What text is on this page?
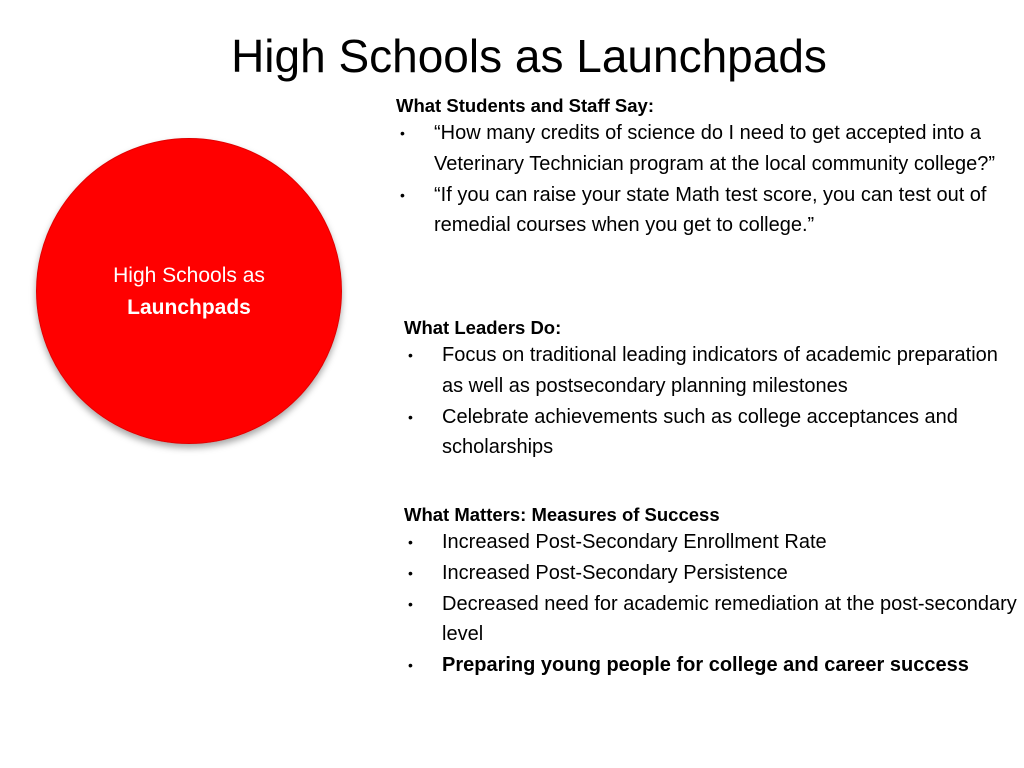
High Schools as Launchpads
High Schools as
Launchpads
What Students and Staff Say:
• “How many credits of science do I need to get accepted into a Veterinary Technician program at the local community college?”
• “If you can raise your state Math test score, you can test out of remedial courses when you get to college.”
What Leaders Do:
• Focus on traditional leading indicators of academic preparation as well as postsecondary planning milestones
• Celebrate achievements such as college acceptances and scholarships
What Matters: Measures of Success
• Increased Post-Secondary Enrollment Rate
• Increased Post-Secondary Persistence
• Decreased need for academic remediation at the post-secondary level
• Preparing young people for college and career success
